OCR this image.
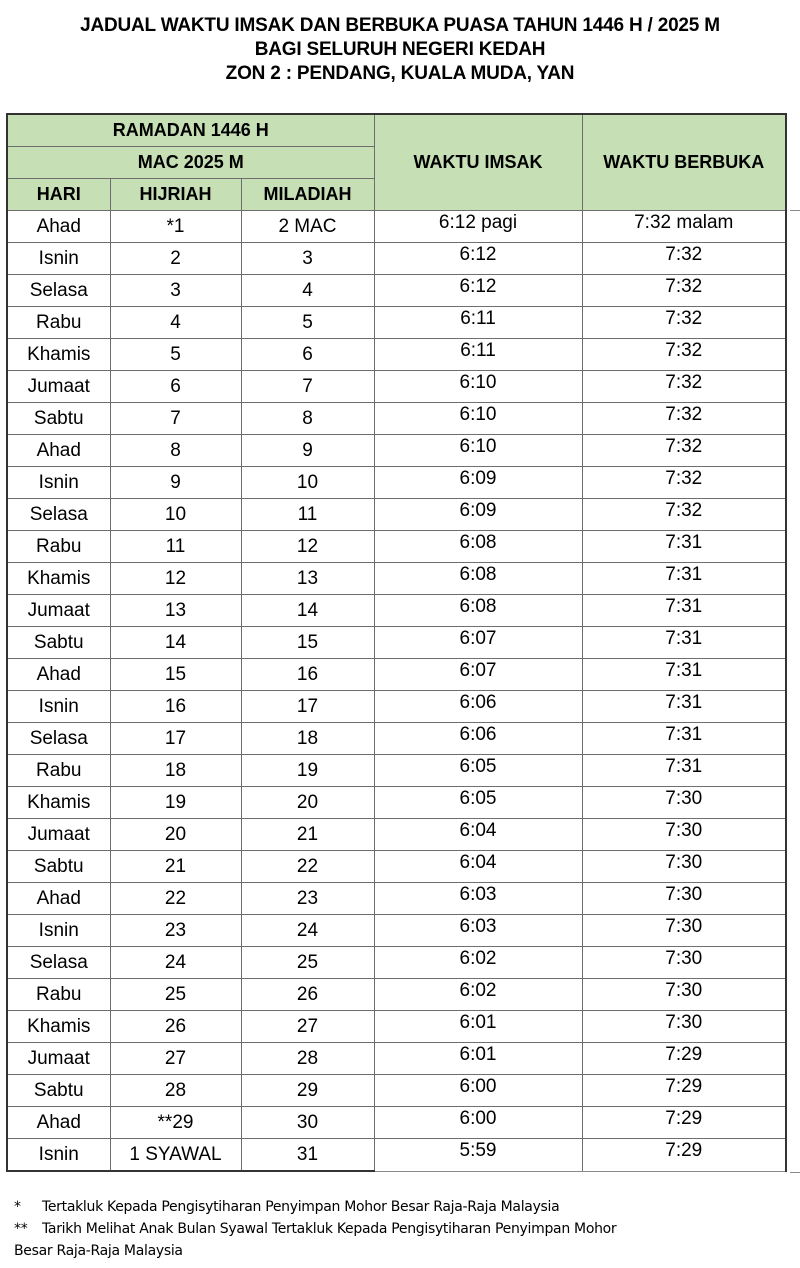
JADUAL WAKTU IMSAK DAN BERBUKA PUASA TAHUN 1446 H / 2025 M
BAGI SELURUH NEGERI KEDAH
ZON 2 : PENDANG, KUALA MUDA, YAN
RAMADAN 1446 H			WAKTU IMSAK	WAKTU BERBUKA
MAC 2025 M				
HARI	HIJRIAH	MILADIAH		
Ahad	*1	2 MAC	6:12 pagi	7:32 malam
Isnin	2	3	6:12	7:32
Selasa	3	4	6:12	7:32
Rabu	4	5	6:11	7:32
Khamis	5	6	6:11	7:32
Jumaat	6	7	6:10	7:32
Sabtu	7	8	6:10	7:32
Ahad	8	9	6:10	7:32
Isnin	9	10	6:09	7:32
Selasa	10	11	6:09	7:32
Rabu	11	12	6:08	7:31
Khamis	12	13	6:08	7:31
Jumaat	13	14	6:08	7:31
Sabtu	14	15	6:07	7:31
Ahad	15	16	6:07	7:31
Isnin	16	17	6:06	7:31
Selasa	17	18	6:06	7:31
Rabu	18	19	6:05	7:31
Khamis	19	20	6:05	7:30
Jumaat	20	21	6:04	7:30
Sabtu	21	22	6:04	7:30
Ahad	22	23	6:03	7:30
Isnin	23	24	6:03	7:30
Selasa	24	25	6:02	7:30
Rabu	25	26	6:02	7:30
Khamis	26	27	6:01	7:30
Jumaat	27	28	6:01	7:29
Sabtu	28	29	6:00	7:29
Ahad	**29	30	6:00	7:29
Isnin	1 SYAWAL	31	5:59	7:29
* Tertakluk Kepada Pengisytiharan Penyimpan Mohor Besar Raja-Raja Malaysia
** Tarikh Melihat Anak Bulan Syawal Tertakluk Kepada Pengisytiharan Penyimpan Mohor
Besar Raja-Raja Malaysia
